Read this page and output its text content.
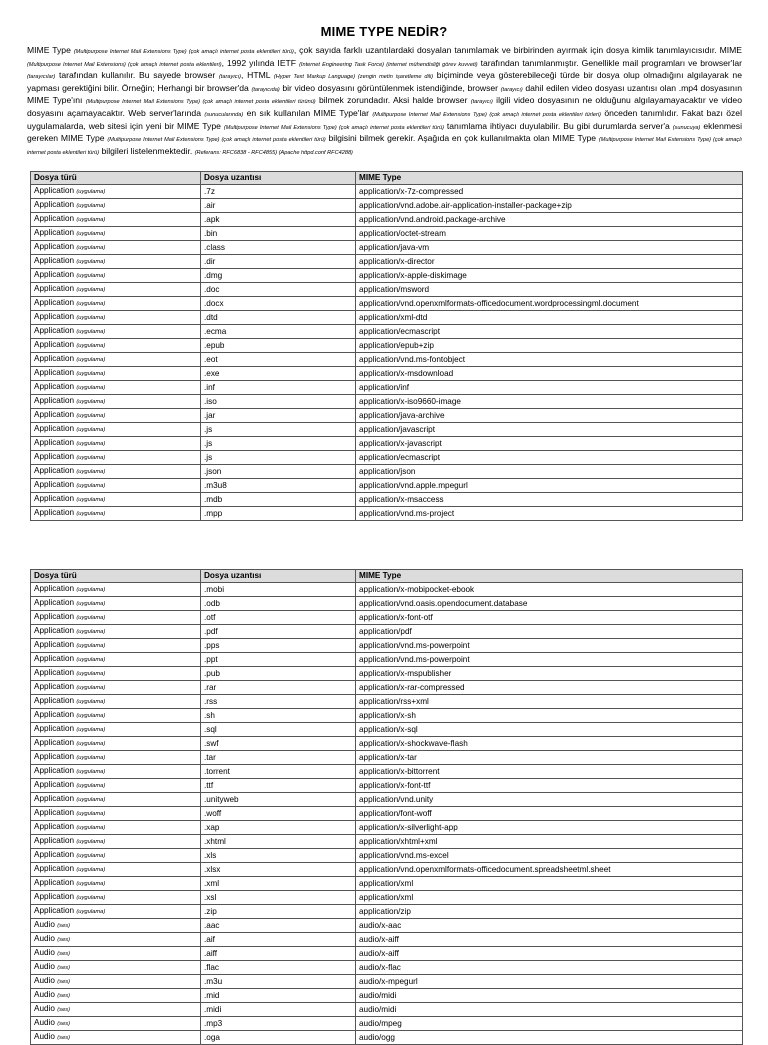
MIME TYPE NEDİR?
MIME Type (Multipurpose Internet Mail Extensions Type) (çok amaçlı internet posta eklentileri türü), çok sayıda farklı uzantılardaki dosyalan tanımlamak ve birbirinden ayırmak için dosya kimlik tanımlayıcısıdır. MIME (Multipurpose Internet Mail Extensions) (çok amaçlı internet posta eklentileri), 1992 yılında IETF (Internet Engineering Task Force) (internet mühendisliği görev kuvveti) tarafından tanımlanmıştır. Genellikle mail programları ve browser'lar (tarayıcılar) tarafından kullanılır. Bu sayede browser (tarayıcı), HTML (Hyper Text Markup Language) (zengin metin işaretleme dili) biçiminde veya gösterebileceği türde bir dosya olup olmadığını algılayarak ne yapması gerektiğini bilir. Örneğin; Herhangi bir browser'da (tarayıcıda) bir video dosyasını görüntülenmek istendiğinde, browser (tarayıcı) dahil edilen video dosyası uzantısı olan .mp4 dosyasının MIME Type'ını (Multipurpose Internet Mail Extensions Type) (çok amaçlı internet posta eklentileri türünü) bilmek zorundadır. Aksi halde browser (tarayıcı) ilgili video dosyasının ne olduğunu algılayamayacaktır ve video dosyasını açamayacaktır. Web server'larında (sunucularında) en sık kullanılan MIME Type'lar (Multipurpose Internet Mail Extensions Type) (çok amaçlı internet posta eklentileri türleri) önceden tanımlıdır. Fakat bazı özel uygulamalarda, web sitesi için yeni bir MIME Type (Multipurpose Internet Mail Extensions Type) (çok amaçlı internet posta eklentileri türü) tanımlama ihtiyacı duyulabilir. Bu gibi durumlarda server'a (sunucuya) eklenmesi gereken MIME Type (Multipurpose Internet Mail Extensions Type) (çok amaçlı internet posta eklentileri türü) bilgisini bilmek gerekir. Aşağıda en çok kullanılmakta olan MIME Type (Multipurpose Internet Mail Extensions Type) (çok amaçlı internet posta eklentileri türü) bilgileri listelenmektedir. (Referans: RFC6838 - RFC4855) (Apache httpd.conf RFC4288)
Dosya türü	Dosya uzantısı	MIME Type
Application (uygulama)	.7z	application/x-7z-compressed
Application (uygulama)	.air	application/vnd.adobe.air-application-installer-package+zip
Application (uygulama)	.apk	application/vnd.android.package-archive
Application (uygulama)	.bin	application/octet-stream
Application (uygulama)	.class	application/java-vm
Application (uygulama)	.dir	application/x-director
Application (uygulama)	.dmg	application/x-apple-diskimage
Application (uygulama)	.doc	application/msword
Application (uygulama)	.docx	application/vnd.openxmlformats-officedocument.wordprocessingml.document
Application (uygulama)	.dtd	application/xml-dtd
Application (uygulama)	.ecma	application/ecmascript
Application (uygulama)	.epub	application/epub+zip
Application (uygulama)	.eot	application/vnd.ms-fontobject
Application (uygulama)	.exe	application/x-msdownload
Application (uygulama)	.inf	application/inf
Application (uygulama)	.iso	application/x-iso9660-image
Application (uygulama)	.jar	application/java-archive
Application (uygulama)	.js	application/javascript
Application (uygulama)	.js	application/x-javascript
Application (uygulama)	.js	application/ecmascript
Application (uygulama)	.json	application/json
Application (uygulama)	.m3u8	application/vnd.apple.mpegurl
Application (uygulama)	.mdb	application/x-msaccess
Application (uygulama)	.mpp	application/vnd.ms-project
Dosya türü	Dosya uzantısı	MIME Type
Application (uygulama)	.mobi	application/x-mobipocket-ebook
Application (uygulama)	.odb	application/vnd.oasis.opendocument.database
Application (uygulama)	.otf	application/x-font-otf
Application (uygulama)	.pdf	application/pdf
Application (uygulama)	.pps	application/vnd.ms-powerpoint
Application (uygulama)	.ppt	application/vnd.ms-powerpoint
Application (uygulama)	.pub	application/x-mspublisher
Application (uygulama)	.rar	application/x-rar-compressed
Application (uygulama)	.rss	application/rss+xml
Application (uygulama)	.sh	application/x-sh
Application (uygulama)	.sql	application/x-sql
Application (uygulama)	.swf	application/x-shockwave-flash
Application (uygulama)	.tar	application/x-tar
Application (uygulama)	.torrent	application/x-bittorrent
Application (uygulama)	.ttf	application/x-font-ttf
Application (uygulama)	.unityweb	application/vnd.unity
Application (uygulama)	.woff	application/font-woff
Application (uygulama)	.xap	application/x-silverlight-app
Application (uygulama)	.xhtml	application/xhtml+xml
Application (uygulama)	.xls	application/vnd.ms-excel
Application (uygulama)	.xlsx	application/vnd.openxmlformats-officedocument.spreadsheetml.sheet
Application (uygulama)	.xml	application/xml
Application (uygulama)	.xsl	application/xml
Application (uygulama)	.zip	application/zip
Audio (ses)	.aac	audio/x-aac
Audio (ses)	.aif	audio/x-aiff
Audio (ses)	.aiff	audio/x-aiff
Audio (ses)	.flac	audio/x-flac
Audio (ses)	.m3u	audio/x-mpegurl
Audio (ses)	.mid	audio/midi
Audio (ses)	.midi	audio/midi
Audio (ses)	.mp3	audio/mpeg
Audio (ses)	.oga	audio/ogg
